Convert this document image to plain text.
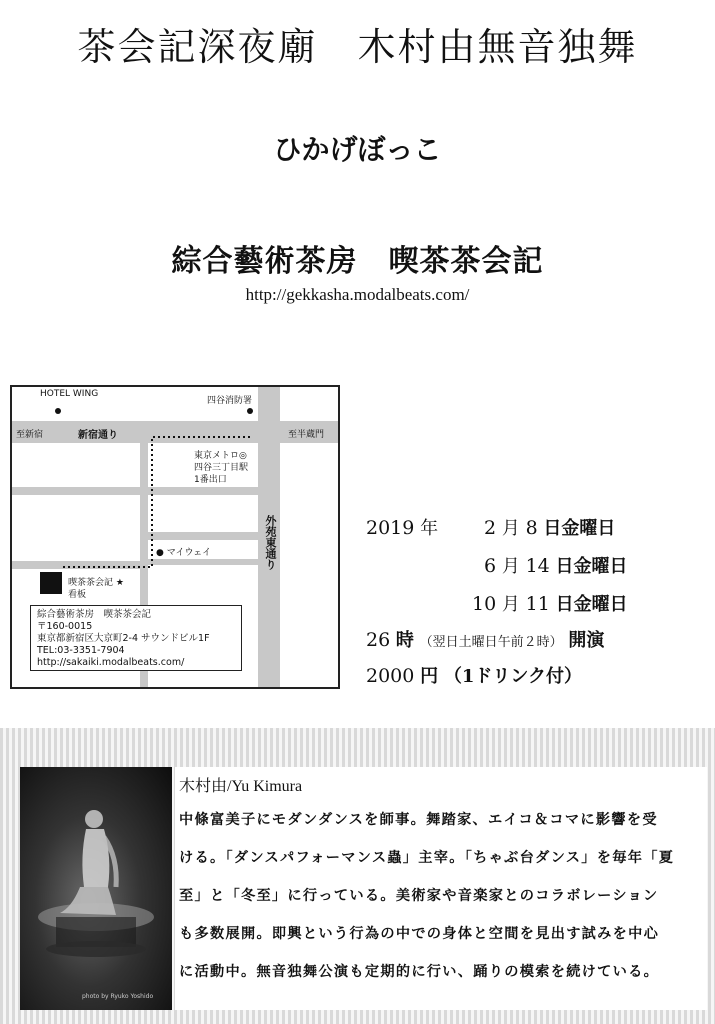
茶会記深夜廟　木村由無音独舞
ひかげぼっこ
綜合藝術茶房　喫茶茶会記
http://gekkasha.modalbeats.com/
HOTEL WING
四谷消防署
至新宿	新宿通り	至半蔵門
東京メトロ◎
四谷三丁目駅
1番出口
外苑東通り
● マイウェイ
喫茶茶会記 ★
看板
綜合藝術茶房　喫茶茶会記
〒160-0015
東京都新宿区大京町2-4 サウンドビル1F
TEL:03-3351-7904
http://sakaiki.modalbeats.com/
2019 年 2 月 8 日金曜日
6 月 14 日金曜日
10 月 11 日金曜日
26 時 （翌日土曜日午前２時） 開演
2000 円 （1ドリンク付）
photo by Ryuko Yoshido
木村由/Yu Kimura
中條富美子にモダンダンスを師事。舞踏家、エイコ＆コマに影響を受
ける。「ダンスパフォーマンス蟲」主宰。「ちゃぶ台ダンス」を毎年「夏
至」と「冬至」に行っている。美術家や音楽家とのコラボレーション
も多数展開。即興という行為の中での身体と空間を見出す試みを中心
に活動中。無音独舞公演も定期的に行い、踊りの模索を続けている。
